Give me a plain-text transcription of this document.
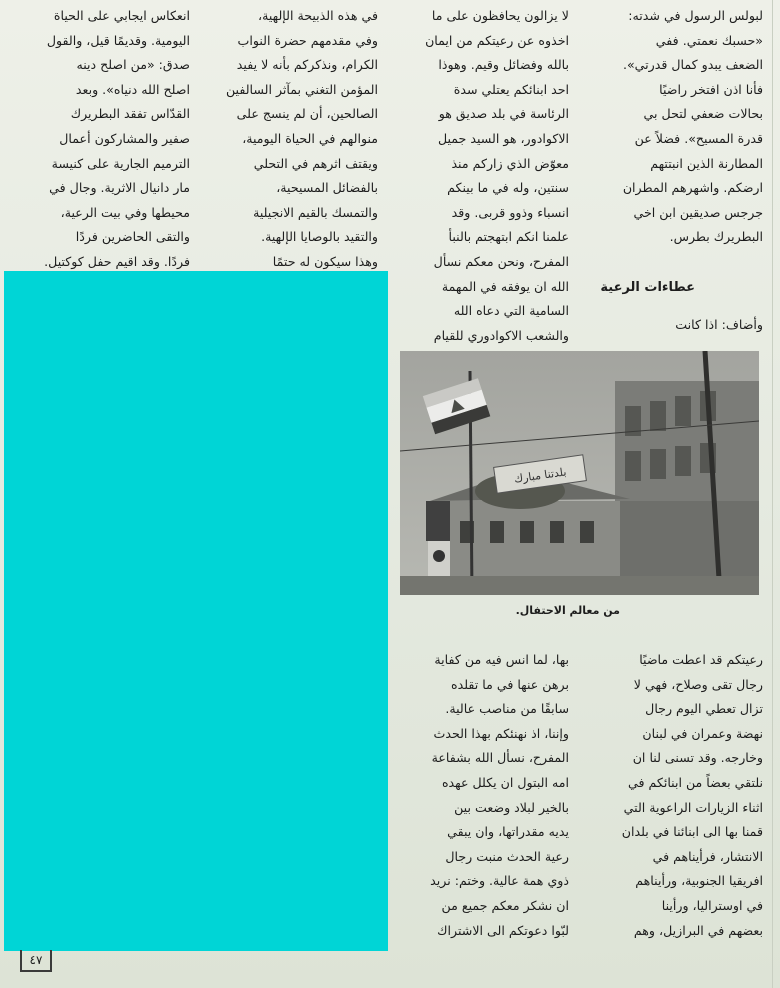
لبولس الرسول في شدته:
«حسبك نعمتي. ففي
الضعف يبدو كمال قدرتي».
فأنا اذن افتخر راضيًا
بحالات ضعفي لتحل بي
قدرة المسيح». فضلاً عن
المطارنة الذين انبتتهم
ارضكم. واشهرهم المطران
جرجس صديقين ابن اخي
البطريرك بطرس.
عطاءات الرعية
وأضاف: اذا كانت
لا يزالون يحافظون على ما
اخذوه عن رعيتكم من ايمان
بالله وفضائل وقيم. وهوذا
احد ابنائكم يعتلي سدة
الرئاسة في بلد صديق هو
الاكوادور، هو السيد جميل
معوّض الذي زاركم منذ
سنتين، وله في ما بينكم
انسباء وذوو قربى. وقد
علمنا انكم ابتهجتم بالنبأ
المفرح، ونحن معكم نسأل
الله ان يوفقه في المهمة
السامية التي دعاه الله
والشعب الاكوادوري للقيام
في هذه الذبيحة الإلهية،
وفي مقدمهم حضرة النواب
الكرام، ونذكركم بأنه لا يفيد
المؤمن التغني بمآثر السالفين
الصالحين، أن لم ينسج على
منوالهم في الحياة اليومية،
ويقتف اثرهم في التحلي
بالفضائل المسيحية،
والتمسك بالقيم الانجيلية
والتقيد بالوصايا الإلهية.
وهذا سيكون له حتمًا
انعكاس ايجابي على الحياة
اليومية. وقديمًا قيل، والقول
صدق: «من اصلح دينه
اصلح الله دنياه». وبعد
القدّاس تفقد البطريرك
صفير والمشاركون أعمال
الترميم الجارية على كنيسة
مار دانيال الاثرية. وجال في
محيطها وفي بيت الرعية،
والتقى الحاضرين فردًا
فردًا. وقد اقيم حفل كوكتيل.
بلدتنا مبارك
من معالم الاحتفال.
رعيتكم قد اعطت ماضيًا
رجال تقى وصلاح، فهي لا
تزال تعطي اليوم رجال
نهضة وعمران في لبنان
وخارجه. وقد تسنى لنا ان
نلتقي بعضاً من ابنائكم في
اثناء الزيارات الراعوية التي
قمنا بها الى ابنائنا في بلدان
الانتشار، فرأيناهم في
افريقيا الجنوبية، ورأيناهم
في اوستراليا، ورأينا
بعضهم في البرازيل، وهم
بها، لما انس فيه من كفاية
برهن عنها في ما تقلده
سابقًا من مناصب عالية.
وإننا، اذ نهنئكم بهذا الحدث
المفرح، نسأل الله بشفاعة
امه البتول ان يكلل عهده
بالخير لبلاد وضعت بين
يديه مقدراتها، وان يبقي
رعية الحدث منبت رجال
ذوي همة عالية. وختم: نريد
ان نشكر معكم جميع من
لبّوا دعوتكم الى الاشتراك
٤٧
